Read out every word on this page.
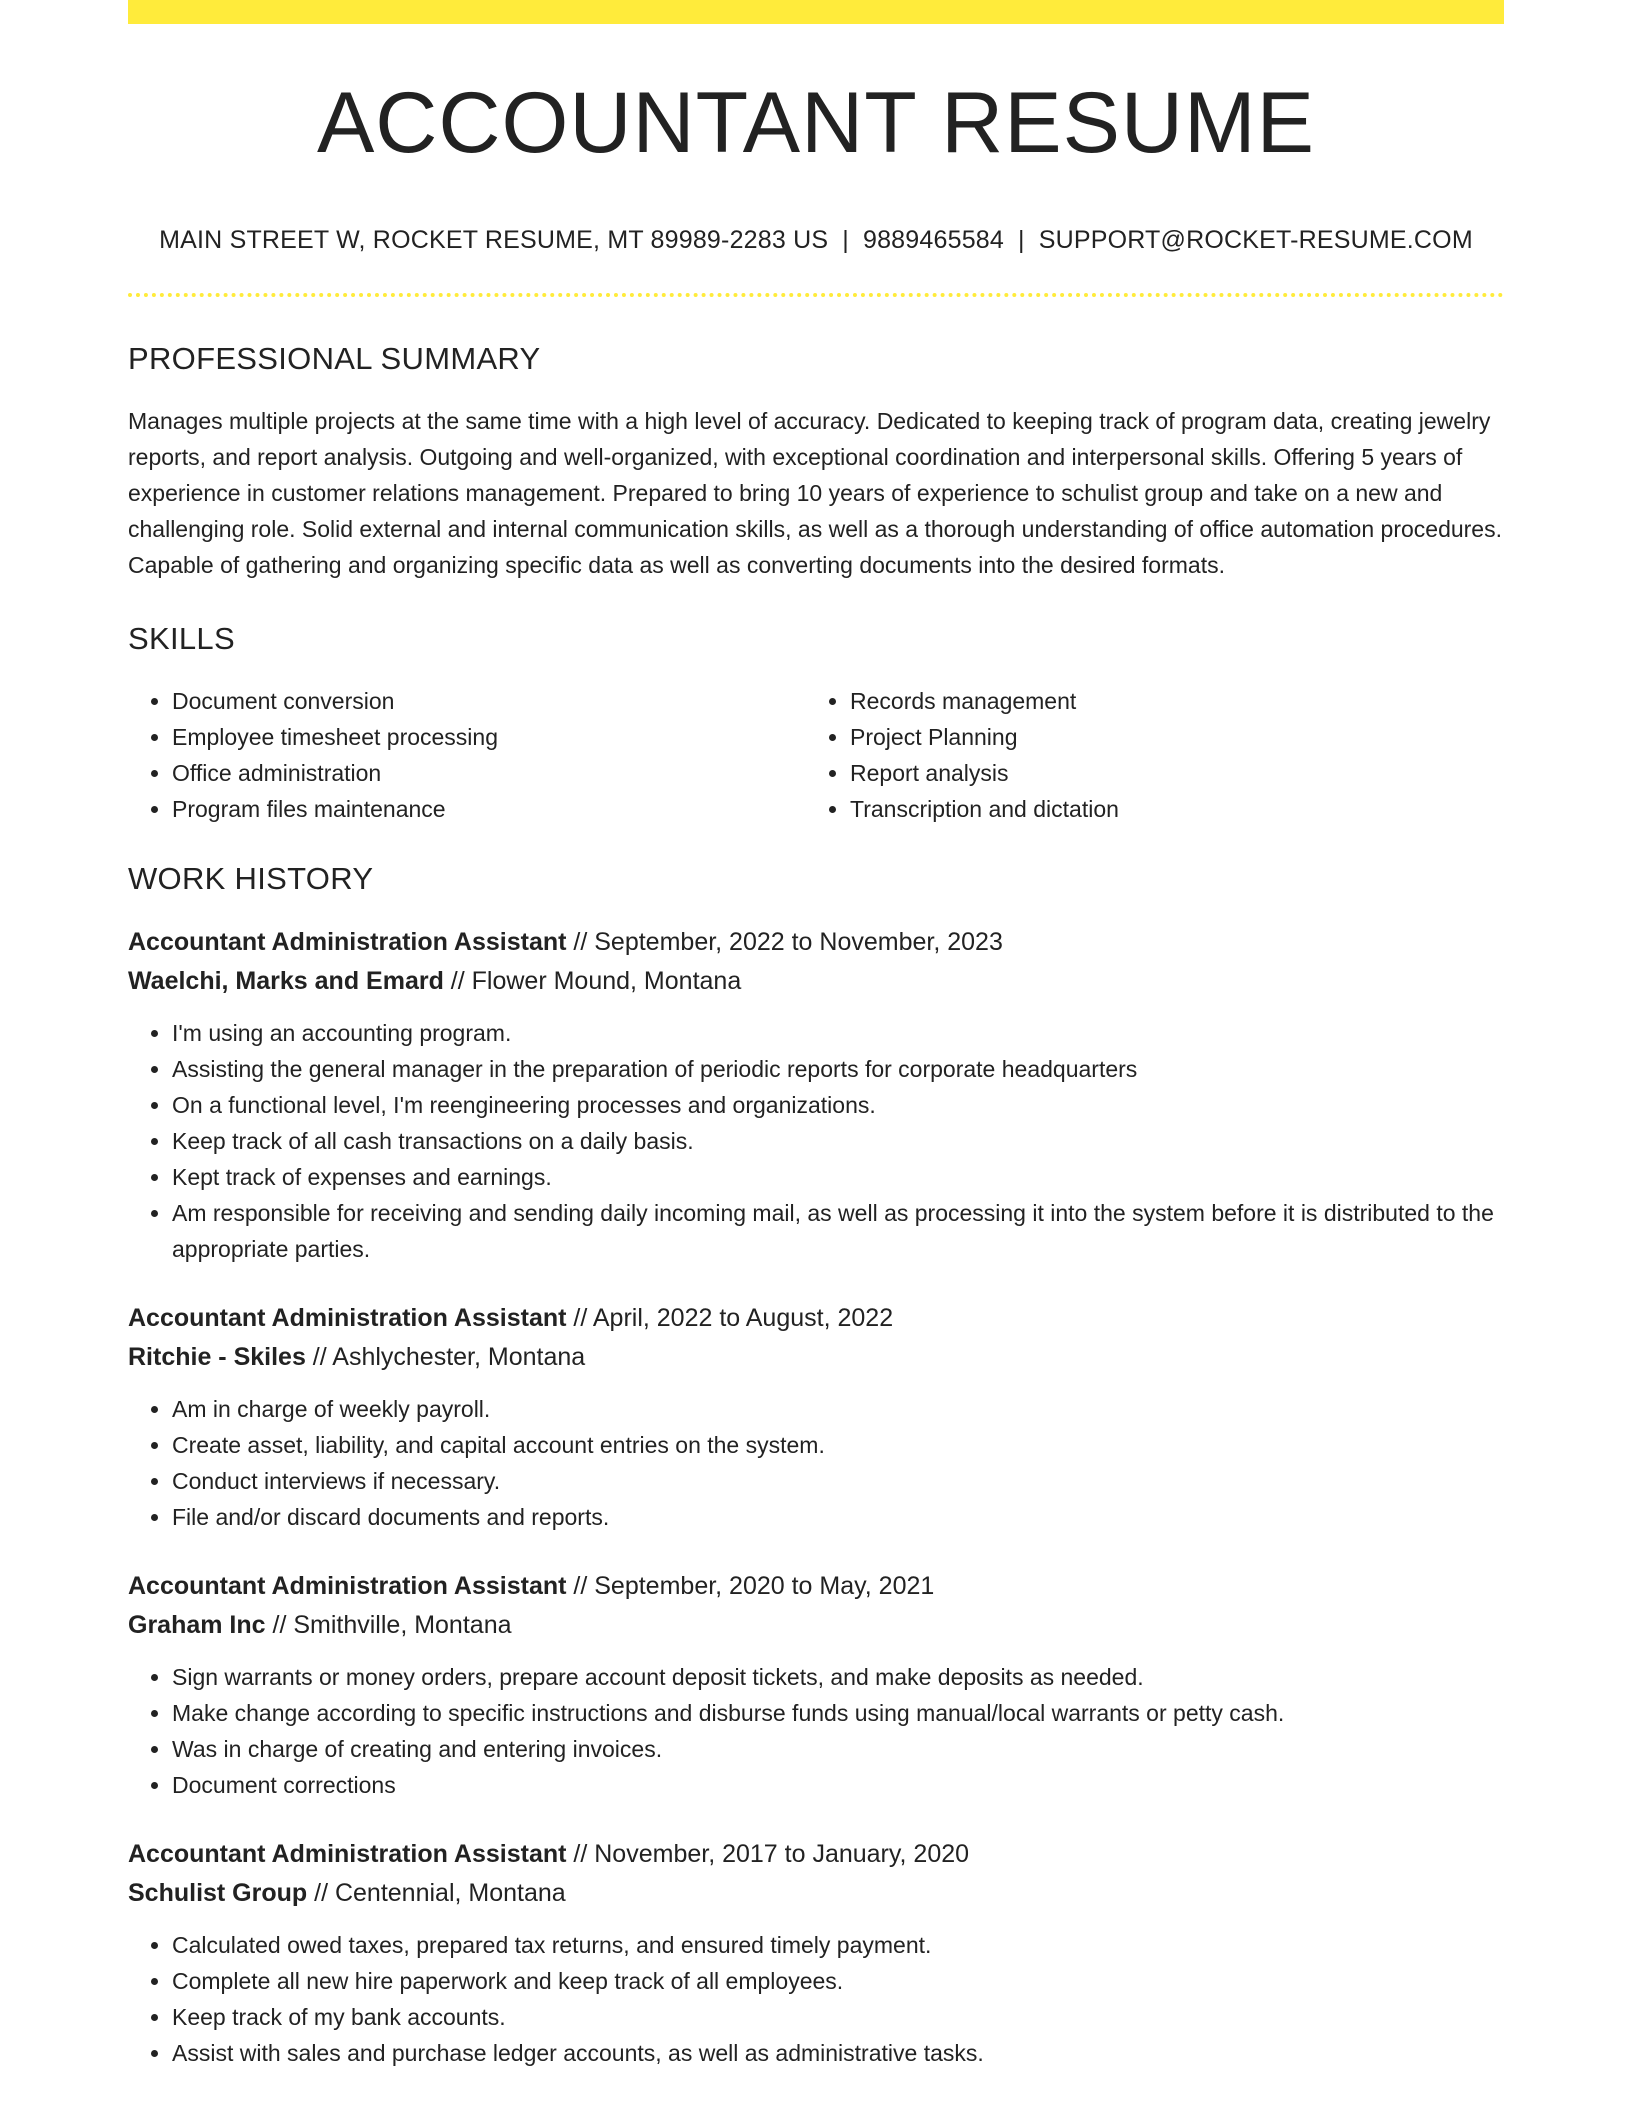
ACCOUNTANT RESUME
MAIN STREET W, ROCKET RESUME, MT 89989-2283 US | 9889465584 | SUPPORT@ROCKET-RESUME.COM
PROFESSIONAL SUMMARY

Manages multiple projects at the same time with a high level of accuracy. Dedicated to keeping track of program data, creating jewelry reports, and report analysis. Outgoing and well-organized, with exceptional coordination and interpersonal skills. Offering 5 years of experience in customer relations management. Prepared to bring 10 years of experience to schulist group and take on a new and challenging role. Solid external and internal communication skills, as well as a thorough understanding of office automation procedures. Capable of gathering and organizing specific data as well as converting documents into the desired formats.

SKILLS
• Document conversion
• Employee timesheet processing
• Office administration
• Program files maintenance
• Records management
• Project Planning
• Report analysis
• Transcription and dictation
WORK HISTORY
Accountant Administration Assistant // September, 2022 to November, 2023
Waelchi, Marks and Emard // Flower Mound, Montana
• I'm using an accounting program.
• Assisting the general manager in the preparation of periodic reports for corporate headquarters
• On a functional level, I'm reengineering processes and organizations.
• Keep track of all cash transactions on a daily basis.
• Kept track of expenses and earnings.
• Am responsible for receiving and sending daily incoming mail, as well as processing it into the system before it is distributed to the appropriate parties.
Accountant Administration Assistant // April, 2022 to August, 2022
Ritchie - Skiles // Ashlychester, Montana
• Am in charge of weekly payroll.
• Create asset, liability, and capital account entries on the system.
• Conduct interviews if necessary.
• File and/or discard documents and reports.
Accountant Administration Assistant // September, 2020 to May, 2021
Graham Inc // Smithville, Montana
• Sign warrants or money orders, prepare account deposit tickets, and make deposits as needed.
• Make change according to specific instructions and disburse funds using manual/local warrants or petty cash.
• Was in charge of creating and entering invoices.
• Document corrections
Accountant Administration Assistant // November, 2017 to January, 2020
Schulist Group // Centennial, Montana
• Calculated owed taxes, prepared tax returns, and ensured timely payment.
• Complete all new hire paperwork and keep track of all employees.
• Keep track of my bank accounts.
• Assist with sales and purchase ledger accounts, as well as administrative tasks.
